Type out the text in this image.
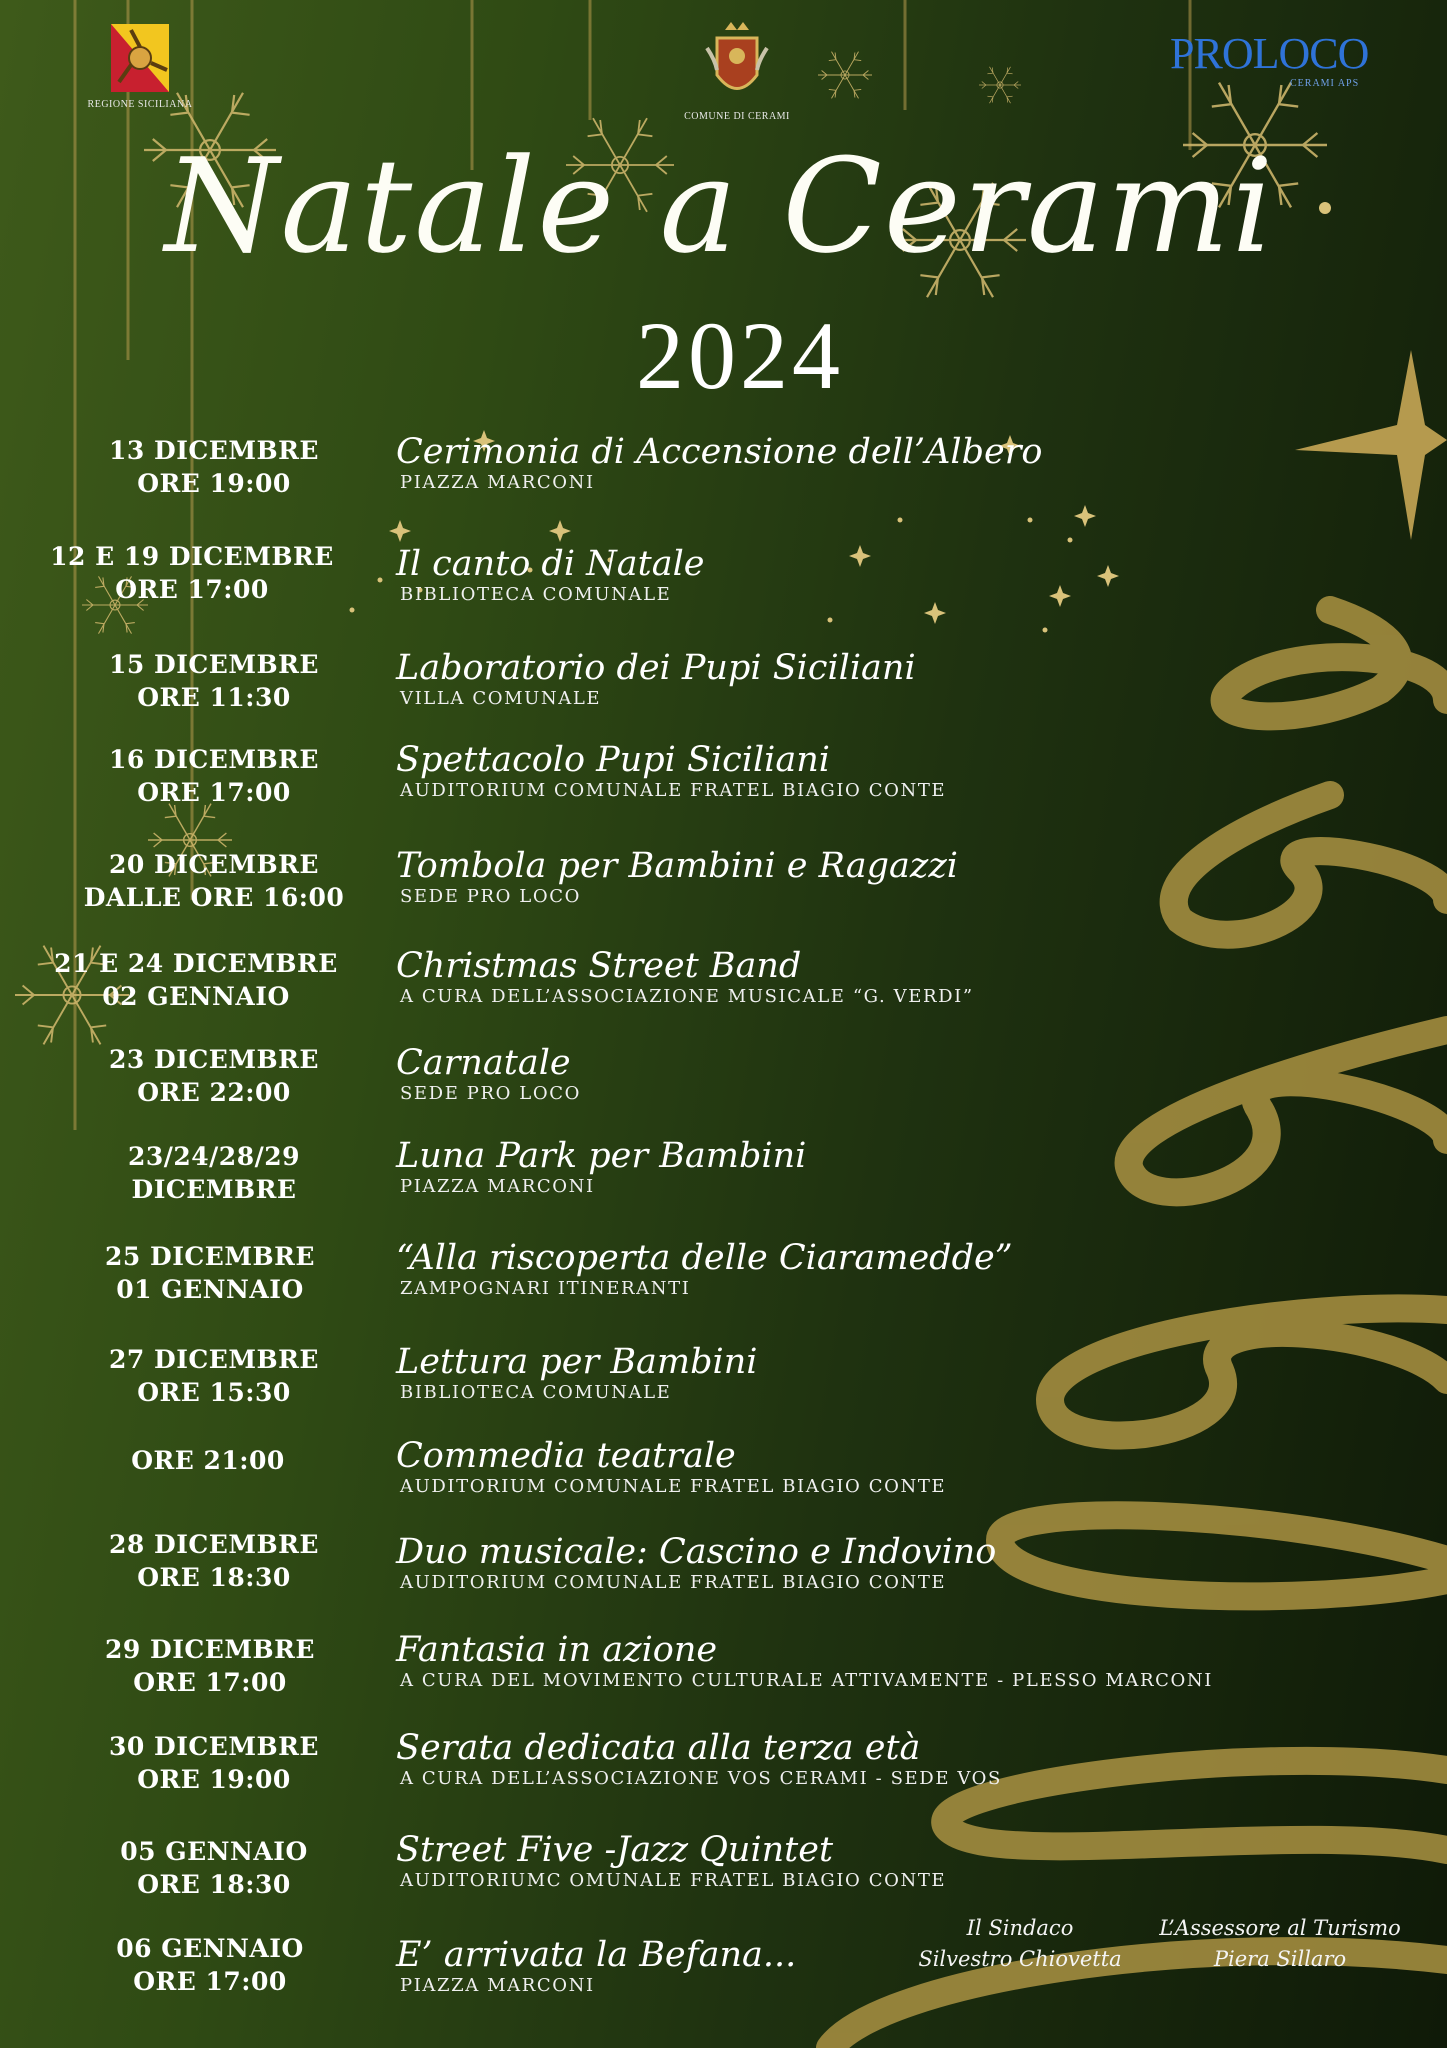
REGIONE SICILIANA
COMUNE DI CERAMI
PROLOCO
CERAMI APS
Natale a Cerami
2024
13 DICEMBRE
ORE 19:00
12 E 19 DICEMBRE
ORE 17:00
15 DICEMBRE
ORE 11:30
16 DICEMBRE
ORE 17:00
20 DICEMBRE
DALLE ORE 16:00
21 E 24 DICEMBRE
02 GENNAIO
23 DICEMBRE
ORE 22:00
23/24/28/29
DICEMBRE
25 DICEMBRE
01 GENNAIO
27 DICEMBRE
ORE 15:30
ORE 21:00
28 DICEMBRE
ORE 18:30
29 DICEMBRE
ORE 17:00
30 DICEMBRE
ORE 19:00
05 GENNAIO
ORE 18:30
06 GENNAIO
ORE 17:00
Cerimonia di Accensione dell’Albero
PIAZZA MARCONI
Il canto di Natale
BIBLIOTECA COMUNALE
Laboratorio dei Pupi Siciliani
VILLA COMUNALE
Spettacolo Pupi Siciliani
AUDITORIUM COMUNALE FRATEL BIAGIO CONTE
Tombola per Bambini e Ragazzi
SEDE PRO LOCO
Christmas Street Band
A CURA DELL’ASSOCIAZIONE MUSICALE “G. VERDI”
Carnatale
SEDE PRO LOCO
Luna Park per Bambini
PIAZZA MARCONI
“Alla riscoperta delle Ciaramedde”
ZAMPOGNARI ITINERANTI
Lettura per Bambini
BIBLIOTECA COMUNALE
Commedia teatrale
AUDITORIUM COMUNALE FRATEL BIAGIO CONTE
Duo musicale: Cascino e Indovino
AUDITORIUM COMUNALE FRATEL BIAGIO CONTE
Fantasia in azione
A CURA DEL MOVIMENTO CULTURALE ATTIVAMENTE - PLESSO MARCONI
Serata dedicata alla terza età
A CURA DELL’ASSOCIAZIONE VOS CERAMI - SEDE VOS
Street Five -Jazz Quintet
AUDITORIUMC OMUNALE FRATEL BIAGIO CONTE
E’ arrivata la Befana...
PIAZZA MARCONI
Il Sindaco
Silvestro Chiovetta
L’Assessore al Turismo
Piera Sillaro
